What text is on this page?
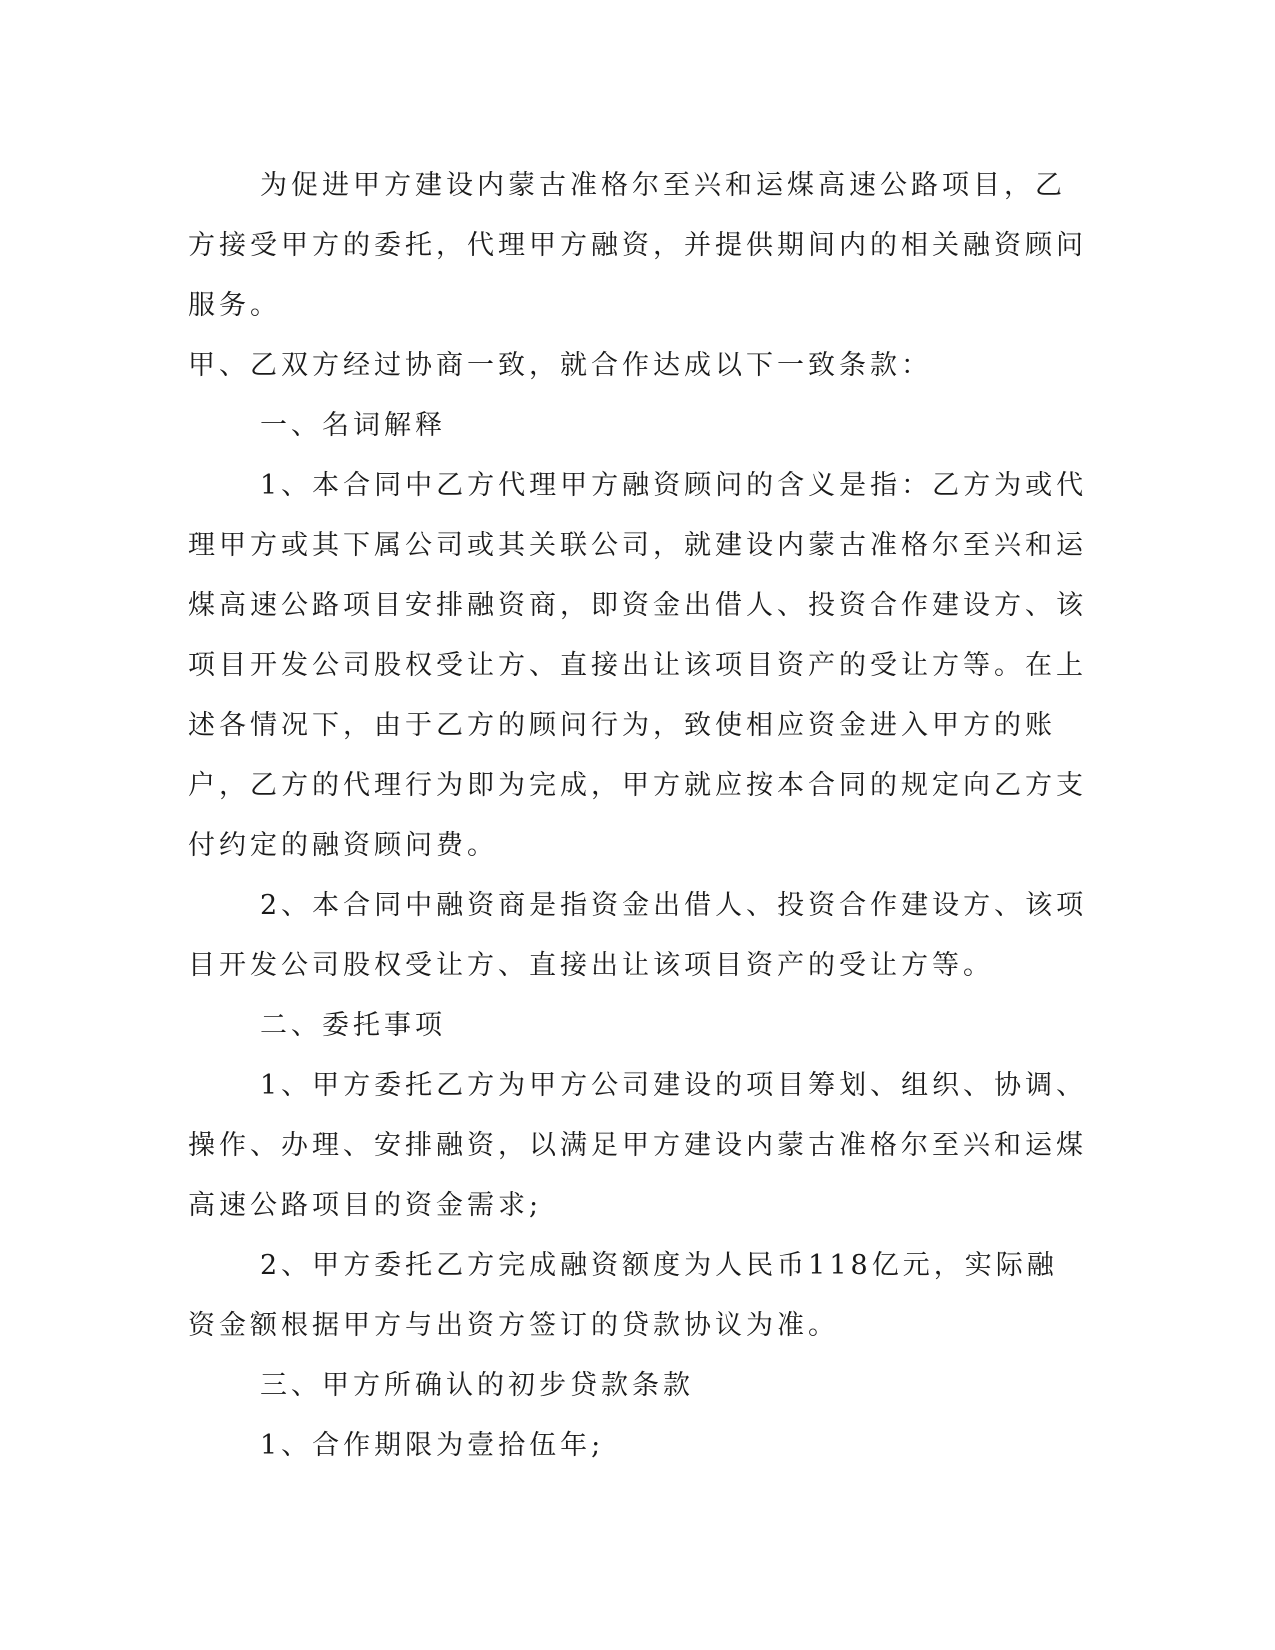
为促进甲方建设内蒙古准格尔至兴和运煤高速公路项目，乙方接受甲方的委托，代理甲方融资，并提供期间内的相关融资顾问服务。

甲、乙双方经过协商一致，就合作达成以下一致条款：

一、名词解释

1、本合同中乙方代理甲方融资顾问的含义是指：乙方为或代理甲方或其下属公司或其关联公司，就建设内蒙古准格尔至兴和运煤高速公路项目安排融资商，即资金出借人、投资合作建设方、该项目开发公司股权受让方、直接出让该项目资产的受让方等。在上述各情况下，由于乙方的顾问行为，致使相应资金进入甲方的账户，乙方的代理行为即为完成，甲方就应按本合同的规定向乙方支付约定的融资顾问费。

2、本合同中融资商是指资金出借人、投资合作建设方、该项目开发公司股权受让方、直接出让该项目资产的受让方等。

二、委托事项

1、甲方委托乙方为甲方公司建设的项目筹划、组织、协调、操作、办理、安排融资，以满足甲方建设内蒙古准格尔至兴和运煤高速公路项目的资金需求;

2、甲方委托乙方完成融资额度为人民币118亿元，实际融资金额根据甲方与出资方签订的贷款协议为准。

三、甲方所确认的初步贷款条款

1、合作期限为壹拾伍年;
